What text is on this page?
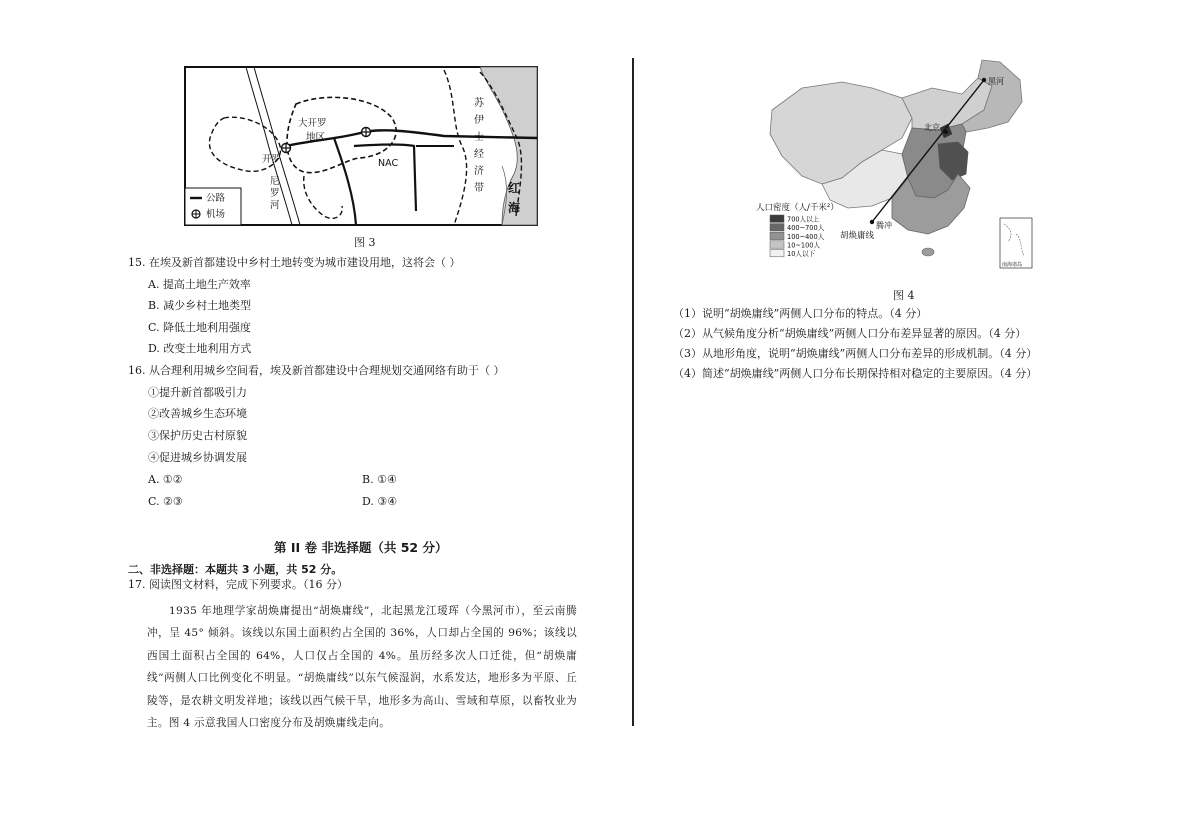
大开罗
地区
开罗
尼
罗
河
NAC
苏
伊
士
经
济
带 红
海
公路
机场
图 3
15. 在埃及新首都建设中乡村土地转变为城市建设用地，这将会（ ）
A. 提高土地生产效率
B. 减少乡村土地类型
C. 降低土地利用强度
D. 改变土地利用方式
16. 从合理利用城乡空间看，埃及新首都建设中合理规划交通网络有助于（ ）
①提升新首都吸引力
②改善城乡生态环境
③保护历史古村原貌
④促进城乡协调发展
A. ①②	B. ①④
C. ②③	D. ③④
第 II 卷 非选择题（共 52 分）
二、非选择题：本题共 3 小题，共 52 分。
17. 阅读图文材料，完成下列要求。（16 分）
1935 年地理学家胡焕庸提出“胡焕庸线”，北起黑龙江瑷珲（今黑河市），至云南腾冲，呈 45° 倾斜。该线以东国土面积约占全国的 36%，人口却占全国的 96%；该线以西国土面积占全国的 64%，人口仅占全国的 4%。虽历经多次人口迁徙，但“胡焕庸线”两侧人口比例变化不明显。“胡焕庸线”以东气候湿润，水系发达，地形多为平原、丘陵等，是农耕文明发祥地；该线以西气候干旱，地形多为高山、雪域和草原，以畜牧业为主。图 4 示意我国人口密度分布及胡焕庸线走向。
黑河
北京
腾冲
胡焕庸线
人口密度（人/千米²）
700人以上
400~700人
100~400人
10~100人
10人以下
南海诸岛
图 4
（1）说明“胡焕庸线”两侧人口分布的特点。（4 分）
（2）从气候角度分析“胡焕庸线”两侧人口分布差异显著的原因。（4 分）
（3）从地形角度，说明“胡焕庸线”两侧人口分布差异的形成机制。（4 分）
（4）简述“胡焕庸线”两侧人口分布长期保持相对稳定的主要原因。（4 分）
